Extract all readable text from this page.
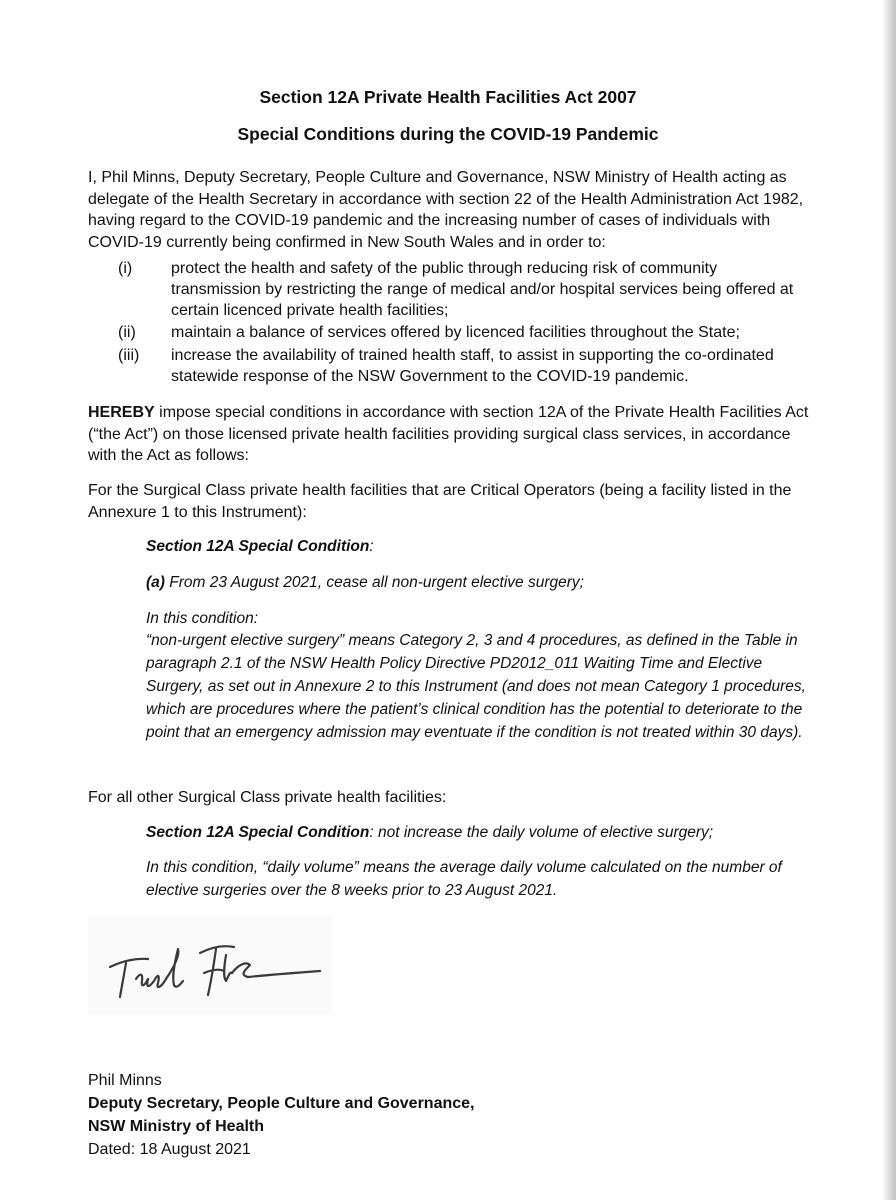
Section 12A Private Health Facilities Act 2007
Special Conditions during the COVID-19 Pandemic
I, Phil Minns, Deputy Secretary, People Culture and Governance, NSW Ministry of Health acting as delegate of the Health Secretary in accordance with section 22 of the Health Administration Act 1982, having regard to the COVID-19 pandemic and the increasing number of cases of individuals with COVID-19 currently being confirmed in New South Wales and in order to:
(i) protect the health and safety of the public through reducing risk of community transmission by restricting the range of medical and/or hospital services being offered at certain licenced private health facilities;
(ii) maintain a balance of services offered by licenced facilities throughout the State;
(iii) increase the availability of trained health staff, to assist in supporting the co-ordinated statewide response of the NSW Government to the COVID-19 pandemic.
HEREBY impose special conditions in accordance with section 12A of the Private Health Facilities Act (“the Act”) on those licensed private health facilities providing surgical class services, in accordance with the Act as follows:
For the Surgical Class private health facilities that are Critical Operators (being a facility listed in the Annexure 1 to this Instrument):
Section 12A Special Condition:
(a) From 23 August 2021, cease all non-urgent elective surgery;
In this condition:
“non-urgent elective surgery” means Category 2, 3 and 4 procedures, as defined in the Table in paragraph 2.1 of the NSW Health Policy Directive PD2012_011 Waiting Time and Elective Surgery, as set out in Annexure 2 to this Instrument (and does not mean Category 1 procedures, which are procedures where the patient’s clinical condition has the potential to deteriorate to the point that an emergency admission may eventuate if the condition is not treated within 30 days).
For all other Surgical Class private health facilities:
Section 12A Special Condition: not increase the daily volume of elective surgery;
In this condition, “daily volume” means the average daily volume calculated on the number of elective surgeries over the 8 weeks prior to 23 August 2021.
Phil Minns
Deputy Secretary, People Culture and Governance,
NSW Ministry of Health
Dated: 18 August 2021
